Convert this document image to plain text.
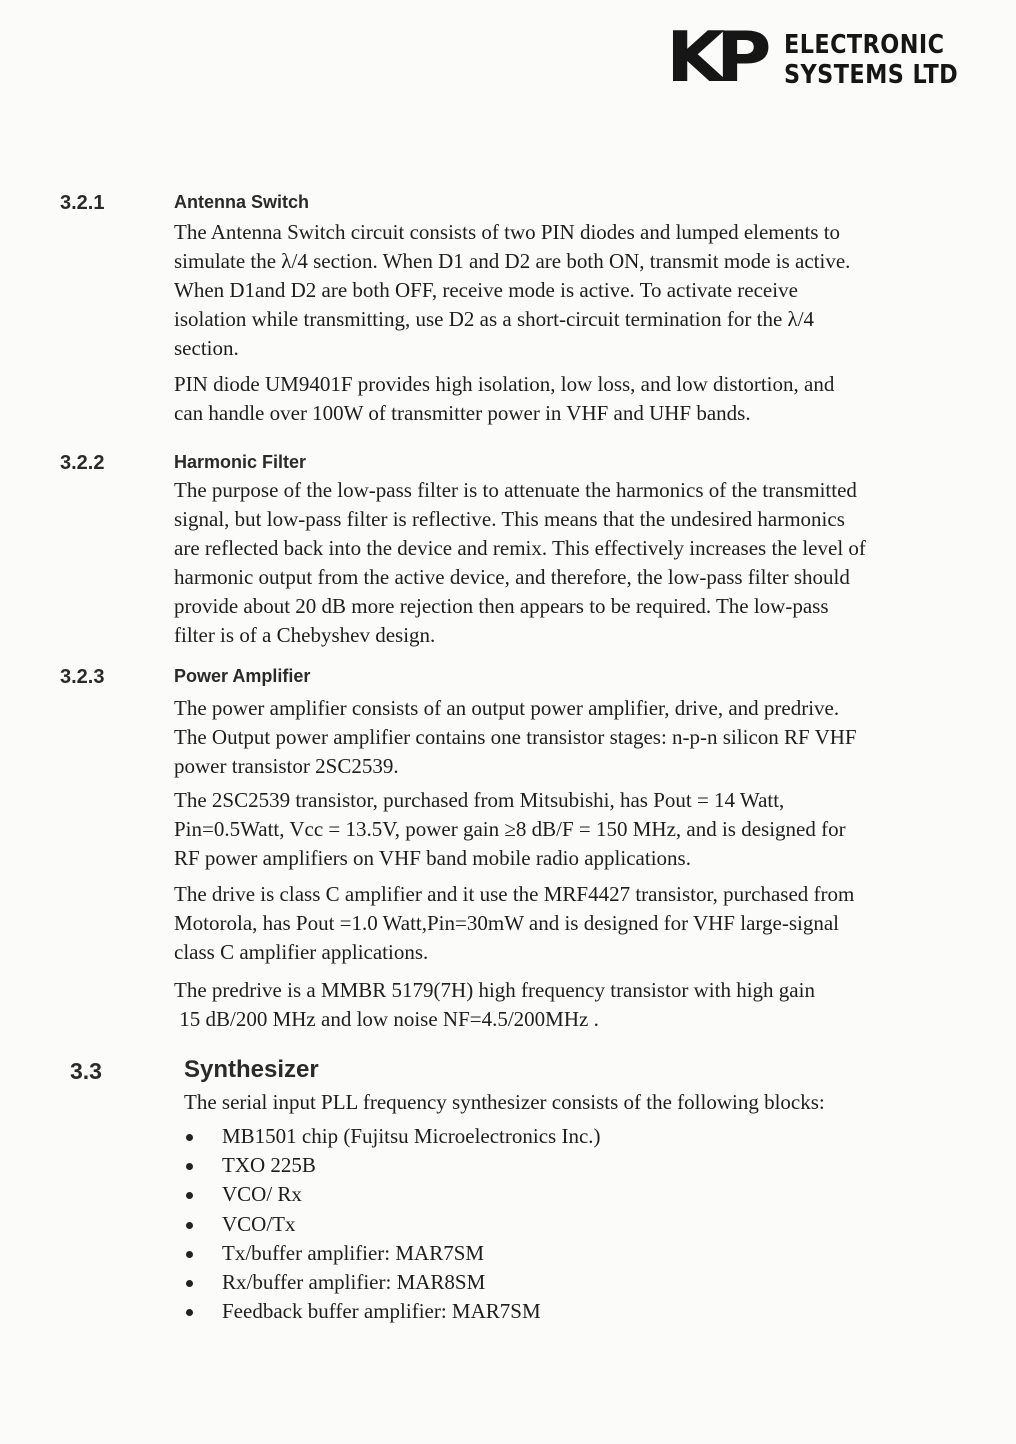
KP ELECTRONIC
SYSTEMS LTD
3.2.1	Antenna Switch

The Antenna Switch circuit consists of two PIN diodes and lumped elements to
simulate the λ/4 section. When D1 and D2 are both ON, transmit mode is active.
When D1and D2 are both OFF, receive mode is active. To activate receive
isolation while transmitting, use D2 as a short-circuit termination for the λ/4
section.

PIN diode UM9401F provides high isolation, low loss, and low distortion, and
can handle over 100W of transmitter power in VHF and UHF bands.

3.2.2	Harmonic Filter

The purpose of the low-pass filter is to attenuate the harmonics of the transmitted
signal, but low-pass filter is reflective. This means that the undesired harmonics
are reflected back into the device and remix. This effectively increases the level of
harmonic output from the active device, and therefore, the low-pass filter should
provide about 20 dB more rejection then appears to be required. The low-pass
filter is of a Chebyshev design.

3.2.3	Power Amplifier

The power amplifier consists of an output power amplifier, drive, and predrive.
The Output power amplifier contains one transistor stages: n-p-n silicon RF VHF
power transistor 2SC2539.

The 2SC2539 transistor, purchased from Mitsubishi, has Pout = 14 Watt,
Pin=0.5Watt, Vcc = 13.5V, power gain ≥8 dB/F = 150 MHz, and is designed for
RF power amplifiers on VHF band mobile radio applications.

The drive is class C amplifier and it use the MRF4427 transistor, purchased from
Motorola, has Pout =1.0 Watt,Pin=30mW and is designed for VHF large-signal
class C amplifier applications.

The predrive is a MMBR 5179(7H) high frequency transistor with high gain
15 dB/200 MHz and low noise NF=4.5/200MHz .

3.3	Synthesizer

The serial input PLL frequency synthesizer consists of the following blocks:

MB1501 chip (Fujitsu Microelectronics Inc.)
TXO 225B
VCO/ Rx
VCO/Tx
Tx/buffer amplifier: MAR7SM
Rx/buffer amplifier: MAR8SM
Feedback buffer amplifier: MAR7SM
